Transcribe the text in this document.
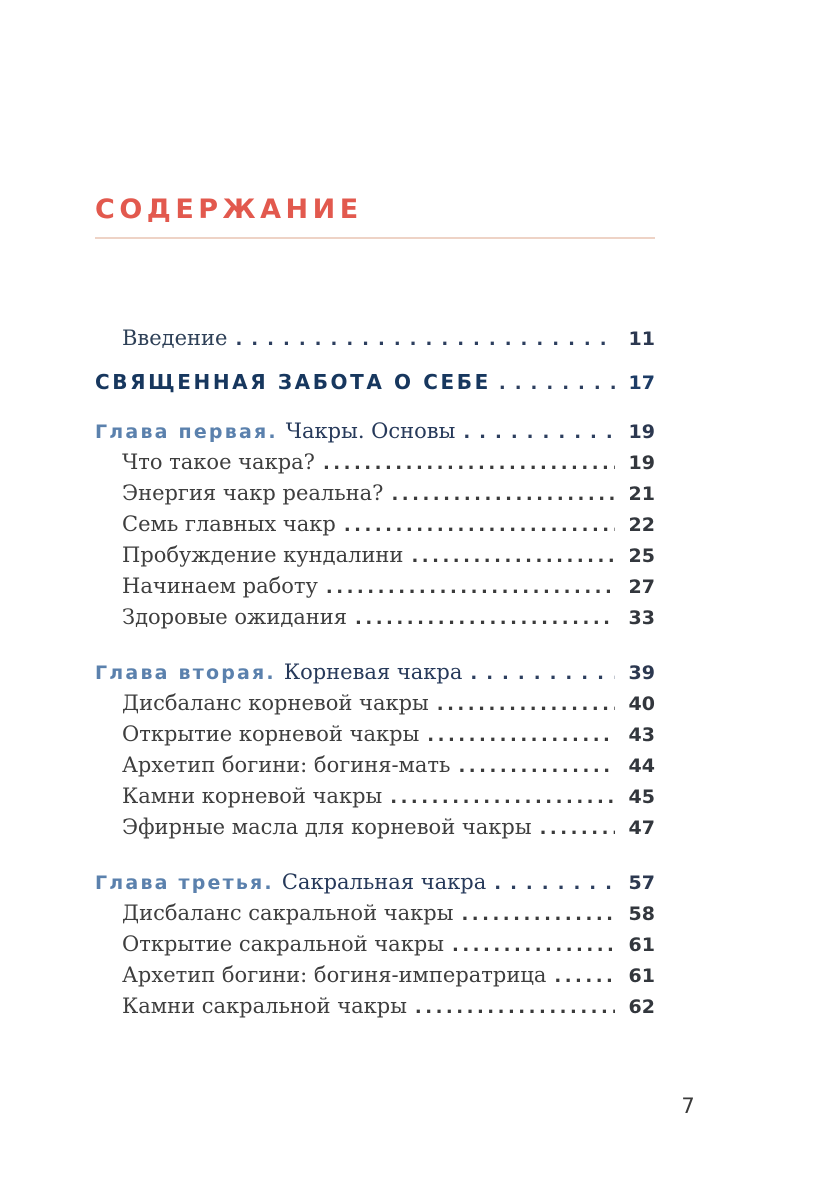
СОДЕРЖАНИЕ
Введение .....	11
СВЯЩЕННАЯ ЗАБОТА О СЕБЕ .....	17
Глава первая. Чакры. Основы .....	19
Что такое чакра? .....	19
Энергия чакр реальна? .....	21
Семь главных чакр .....	22
Пробуждение кундалини .....	25
Начинаем работу .....	27
Здоровые ожидания .....	33
Глава вторая. Корневая чакра .....	39
Дисбаланс корневой чакры .....	40
Открытие корневой чакры .....	43
Архетип богини: богиня-мать .....	44
Камни корневой чакры .....	45
Эфирные масла для корневой чакры .....	47
Глава третья. Сакральная чакра .....	57
Дисбаланс сакральной чакры .....	58
Открытие сакральной чакры .....	61
Архетип богини: богиня-императрица .....	61
Камни сакральной чакры .....	62
7
